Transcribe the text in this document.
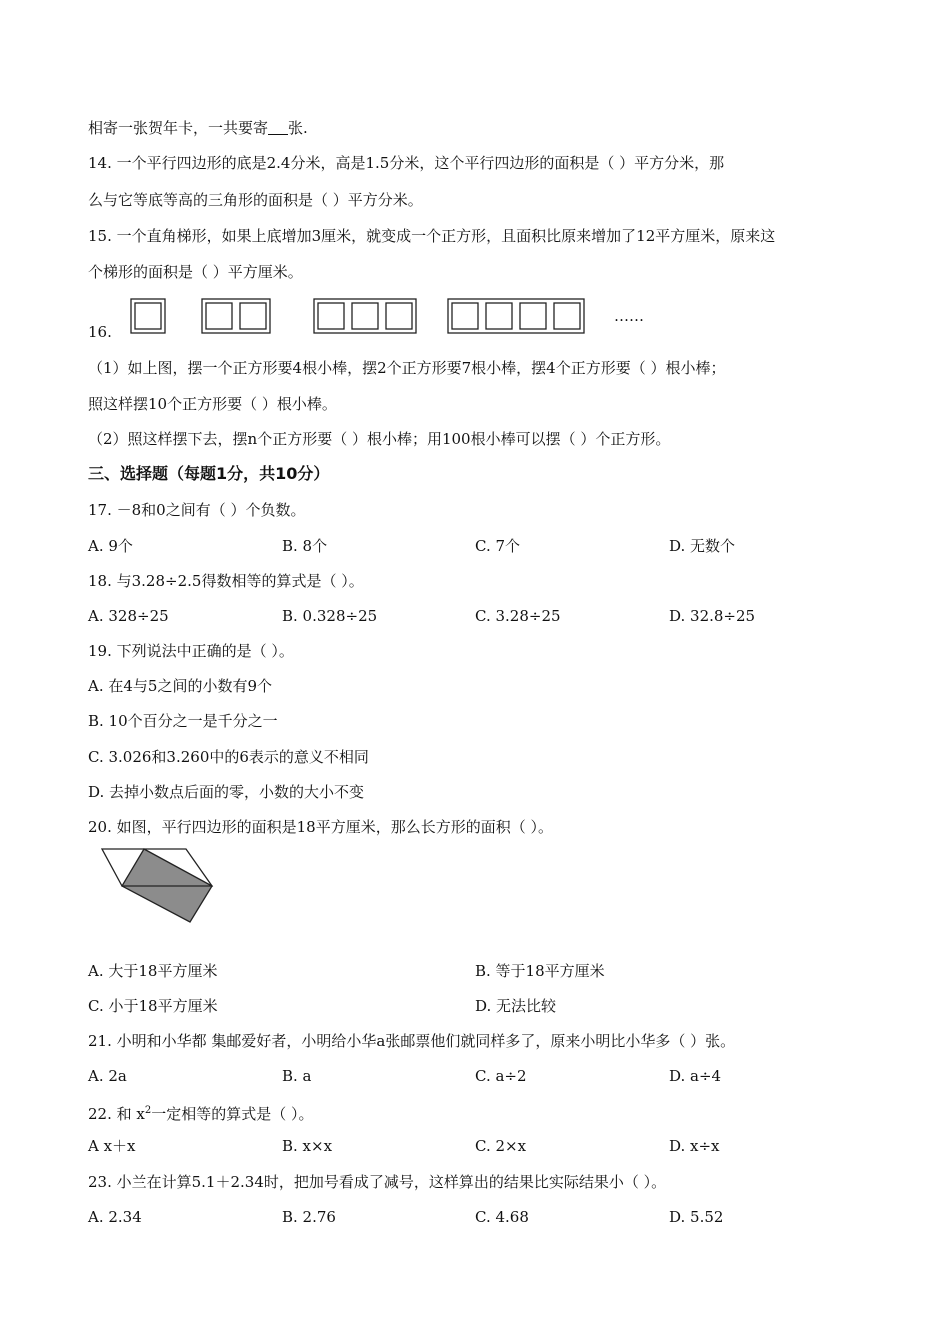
相寄一张贺年卡，一共要寄 张.
14. 一个平行四边形的底是2.4分米，高是1.5分米，这个平行四边形的面积是（ ）平方分米，那
么与它等底等高的三角形的面积是（ ）平方分米。
15. 一个直角梯形，如果上底增加3厘米，就变成一个正方形，且面积比原来增加了12平方厘米，原来这
个梯形的面积是（ ）平方厘米。
……
16.
（1）如上图，摆一个正方形要4根小棒，摆2个正方形要7根小棒，摆4个正方形要（ ）根小棒；
照这样摆10个正方形要（ ）根小棒。
（2）照这样摆下去，摆n个正方形要（ ）根小棒；用100根小棒可以摆（ ）个正方形。
三、选择题（每题1分，共10分）
17. －8和0之间有（ ）个负数。
A. 9个	B. 8个	C. 7个	D. 无数个
18. 与3.28÷2.5得数相等的算式是（ ）。
A. 328÷25	B. 0.328÷25	C. 3.28÷25	D. 32.8÷25
19. 下列说法中正确的是（ ）。
A. 在4与5之间的小数有9个
B. 10个百分之一是千分之一
C. 3.026和3.260中的6表示的意义不相同
D. 去掉小数点后面的零，小数的大小不变
20. 如图，平行四边形的面积是18平方厘米，那么长方形的面积（ ）。
A. 大于18平方厘米	B. 等于18平方厘米
C. 小于18平方厘米	D. 无法比较
21. 小明和小华都 集邮爱好者，小明给小华a张邮票他们就同样多了，原来小明比小华多（ ）张。
A. 2a	B. a	C. a÷2	D. a÷4
22. 和 $x^2$一定相等的算式是（ ）。
A x＋x	B. x×x	C. 2×x	D. x÷x
23. 小兰在计算5.1＋2.34时，把加号看成了减号，这样算出的结果比实际结果小（ ）。
A. 2.34	B. 2.76	C. 4.68	D. 5.52
